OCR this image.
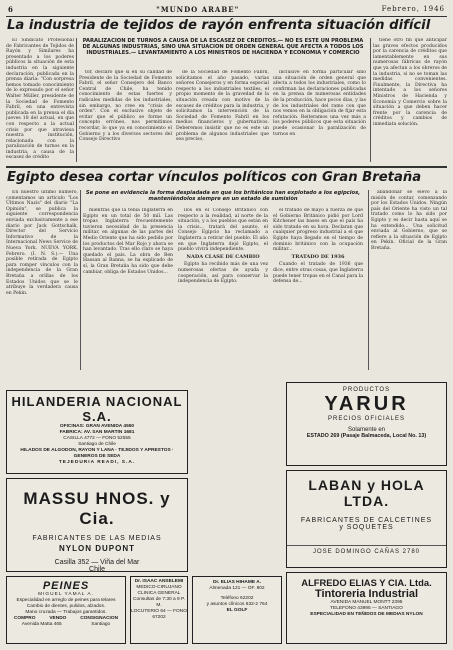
6	"MUNDO ARABE"	Febrero, 1946
La industria de tejidos de rayón enfrenta situación difícil

El Sindicato Profesional de Fabricantes de Tejidos de Rayón y Similares ha presentado a los poderes públicos la situación de esta industria en la siguiente declaración, publicada en la prensa diaria: "Con sorpresa hemos tomado conocimiento de lo expresado por el señor Walter Müller, presidente de la Sociedad de Fomento Fabril, en una entrevista publicada en la prensa el día jueves 18 del actual, en que con respecto a la actual crisis por que atraviesa nuestra institución, relacionada con la paralización de turnos en la industria, a causa de la escasez de crédito

PARALIZACION DE TURNOS A CAUSA DE LA ESCASEZ DE CREDITOS.— NO ES ESTE UN PROBLEMA DE ALGUNAS INDUSTRIAS, SINO UNA SITUACION DE ORDEN GENERAL QUE AFECTA A TODOS LOS INDUSTRIALES.— LEVANTAMIENTO A LOS MINISTROS DE HACIENDA Y ECONOMIA Y COMERCIO

tor, declaró que si en su calidad de Presidente de la Sociedad de Fomento Fabril, el señor Consejero del Banco Central de Chile, ha tenido conocimiento de estas fuertes y radicales medidas de los industriales, sin embargo, no cree en "crisis de orden". Con el exclusivo objeto de evitar que el público se forme un concepto erróneo, nos permitimos recordar, lo que ya en conocimiento el Gobierno y a los diversos sectores del Consejo Directivo

de la Sociedad de Fomento Fabril, solicitamos el año pasado, varias señores Consejeros y en forma especial respecto a los industriales textiles, el propio momento de la gravedad de la situación creada con motivo de la escasez de créditos para la industria, y solicitamos la intervención de la Sociedad de Fomento Fabril en los medios financieros y gubernativos. Deberemos insistir que no es este un problema de algunos industriales que sea preciso,

inclusive en forma particular sino una situación de orden general que afecta a todos los industriales, como lo confirman las declaraciones publicadas en la prensa de numerosas entidades de la producción, hace pocos días, y las de los industriales del ramo con que nos vemos en la obligación de fijar esta refutación. Reiteramos una vez más a los poderes públicos que esta situación puede ocasionar la paralización de turnos en

tiene otro fin que anticipar las graves efectos producidos por la carencia de créditos que lamentablemente en sus numerosas fábricas de rayón que ya afectan a los obreros de la industria, si no se toman las medidas convenientes. Finalmente, la Directiva ha intentado a los señores Ministros de Hacienda y Economía y Comercio sobre la situación a que deben hacer frente por la carencia de créditos y cambios de inmediata solución.

Egipto desea cortar vínculos políticos con Gran Bretaña

En nuestro último número, comentamos un artículo "Los Últimos Nazis" del diario "La Opinión", se publica la siguiente correspondencia enviada exclusivamente a ese diario por Jack Gottschalk, Director del Servicio Informativo de la Internacional News Service de Nueva York. NUEVA YORK, Febrero. (I. N. S.).— Una posible retirada de Egipto para romper vínculos con la independencia de la Gran Bretaña a orillas de los Estados Unidos que se le atribuye la verdadera causa en Pekín.

Se pone en evidencia la forma despiadada en que los británicos han explotado a los egipcios, manteniéndolos siempre en un estado de sumisión

mientras que la tenía Inglaterra en Egipto en un total de 50 mil. Las tropas Inglaterra frecuentemente tuvieron necesidad de la presencia militar, en algunas de las partes del Medio Oriente que ha sido pedido por los productos del Mar Rojo y ahora se han levantado. Tras ello claro se haya quedado el país. La obra de Ben Hassan al Banna, se ha explicado de sí, la Gran Bretaña ha sido que debe cambiar, obliga de Estados Unidos...

llos en el Consejo Británico con respecto a la realidad, al norte de la situación, y a los pueblos que están en la crisis... tratará del asunto, el Consejo Egipcio ha reclamado a Inglaterra a retirar del pueblo. El año en que Inglaterra dejó Egipto, el pueblo vivirá independiente.

NADA CLASE DE CAMBIO

Egipto ha recibido más de una vez numerosas ofertas de ayuda y cooperación, así para conservar la independencia de Egipto.

el tratado de mayo a fuerza de que el Gobierno Británico pidió por Lord Kitchener las bases en que el país ha sido tratado en su hora. Declaran que cualquier progreso industrial a el que Egipto haya llegado en el tiempo de dominio británico con la ocupación militar...

TRATADO DE 1936

Cuando el tratado de 1936 que dice, entre otras cosas, que Inglaterra puede tener tropas en el Canal para la defensa de...

abandonar se elevó a la misión de contar, comenzando por los Estados Unidos. Ningún país del Oriente ha visto un tal tratado como lo ha sido por Egipto y es decir hasta aquí se ha extendido... Una solicitud enviada al Gobierno, que se refiere a la situación de Egipto en Pekín. Oficial de la Gran Bretaña.

HILANDERIA NACIONAL S.A.
OFICINAS: GRAN AVENIDA 4550
FABRICA: AV. SAN MARTIN 1681
CASILLA 4772 — FONO 52555
Santiago de Chile
HILADOS DE ALGODON, RAYON Y LANA · TEJIDOS Y APRESTOS · GENEROS DE SEDA
TEJEDURIA READI, S.A.
MASSU HNOS. y Cia.
FABRICANTES DE LAS MEDIAS
NYLON DUPONT
Casilla 352 — Viña del Mar
Chile
PEINES
MIGUEL YAMAL A.
Especialidad en arreglo de peines para telares
Cambio de dientes, pulidos, alzados.
Mano cruzada — Trabajos garantidos.
COMPRO	VENDO	CONSIGNACION
Avenida Matta 465	Santiago
Dr. ISAAC ANSELEMI
MEDICO-CIRUJANO
CLINICA GENERAL
Consultas de 7:30 a 9 P. M.
LOCUTERIO 64 — FONO 67202
Dr. ELIAS HIHAME A.
Almenada 121 — OF. 802
Teléfono 62202
y asuntos clínicos 632-2 764
EL GOLF
PRODUCTOS
YARUR
PRECIOS OFICIALES
Solamente en
ESTADO 269 (Pasaje Balmaceda, Local No. 13)
LABAN y HOLA LTDA.
FABRICANTES DE CALCETINES
y SOQUETES
JOSE DOMINGO CAÑAS 2780
ALFREDO ELIAS Y CIA. Ltda.
Tintoreria Industrial
AVENIDA MANUEL MONTT 2395
TELEFONO 43995 — SANTIAGO
ESPECIALIDAD EN TEÑIDOS DE MEDIAS NYLON
